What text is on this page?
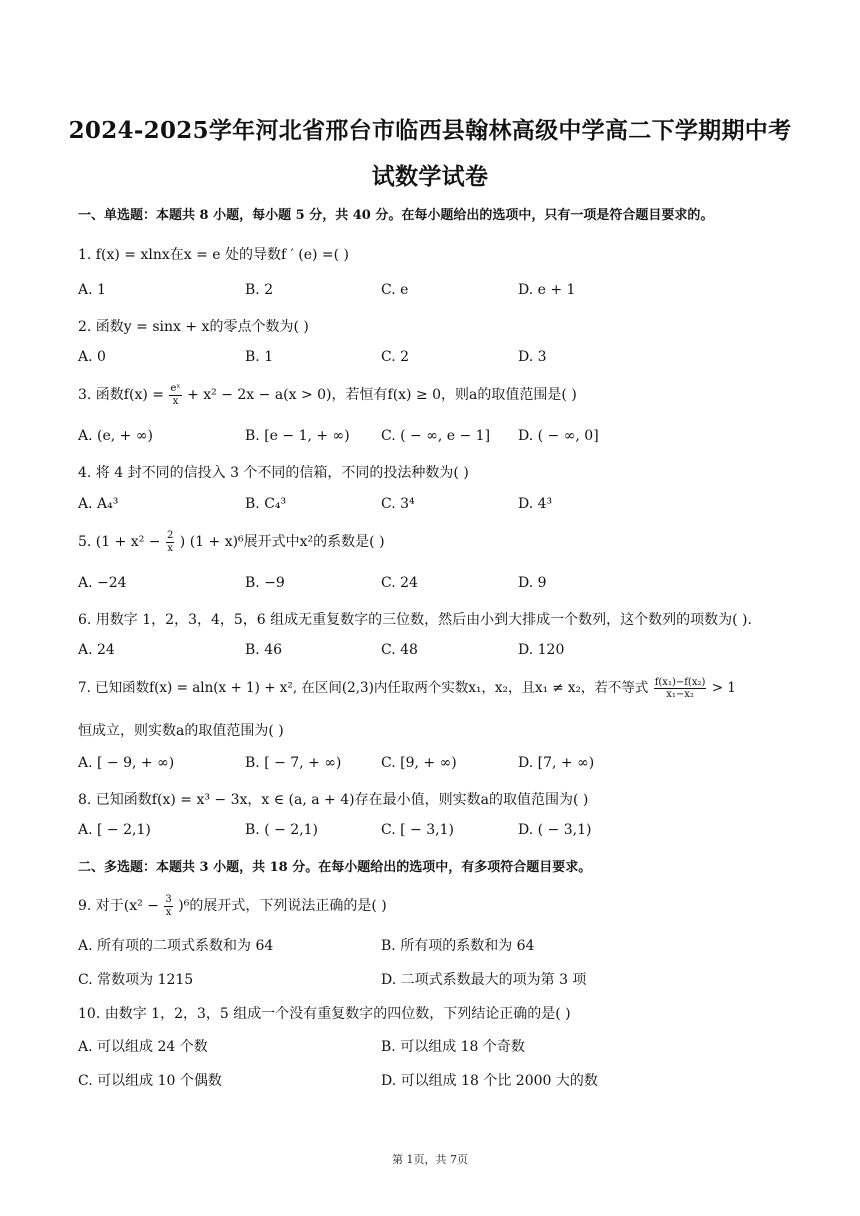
2024-2025学年河北省邢台市临西县翰林高级中学高二下学期期中考
试数学试卷
一、单选题：本题共 8 小题，每小题 5 分，共 40 分。在每小题给出的选项中，只有一项是符合题目要求的。
1. f(x) = xlnx在x = e 处的导数f ′ (e) =( )
A. 1	B. 2	C. e	D. e + 1
2. 函数y = sinx + x的零点个数为( )
A. 0	B. 1	C. 2	D. 3
3. 函数$f(x) = \frac{\text{eˣ}}{x} + x^2 - 2x - a(x > 0)$，若恒有f(x) ≥ 0，则a的取值范围是( )
A. (e, + ∞)	B. [e − 1, + ∞) C. ( − ∞, e − 1] D. ( − ∞, 0]
4. 将 4 封不同的信投入 3 个不同的信箱，不同的投法种数为( )
A. A₄³	B. C₄³	C. 3⁴	D. 4³
5. ($1 + x^2 - \frac{2}{x}$ ) (1 + x)⁶展开式中x²的系数是( )
A. −24	B. −9	C. 24	D. 9
6. 用数字 1，2，3，4，5，6 组成无重复数字的三位数，然后由小到大排成一个数列，这个数列的项数为( ).
A. 24	B. 46	C. 48	D. 120
7. 已知函数f(x) = aln(x + 1) + x², 在区间(2,3)内任取两个实数x₁，x₂，且x₁ ≠ x₂，若不等式 $\frac{\text{f(x₁)−f(x₂)}}{\text{x₁−x₂}} > 1$
恒成立，则实数a的取值范围为( )
A. [ − 9, + ∞)	B. [ − 7, + ∞)	C. [9, + ∞)	D. [7, + ∞)
8. 已知函数f(x) = x³ − 3x，x ∈ (a, a + 4)存在最小值，则实数a的取值范围为( )
A. [ − 2,1)	B. ( − 2,1)	C. [ − 3,1)	D. ( − 3,1)
二、多选题：本题共 3 小题，共 18 分。在每小题给出的选项中，有多项符合题目要求。
9. 对于$(x^2 - \frac{3}{x} )^6$的展开式，下列说法正确的是( )
A. 所有项的二项式系数和为 64	B. 所有项的系数和为 64
C. 常数项为 1215	D. 二项式系数最大的项为第 3 项
10. 由数字 1，2，3，5 组成一个没有重复数字的四位数，下列结论正确的是( )
A. 可以组成 24 个数	B. 可以组成 18 个奇数
C. 可以组成 10 个偶数	D. 可以组成 18 个比 2000 大的数
第 1页，共 7页
